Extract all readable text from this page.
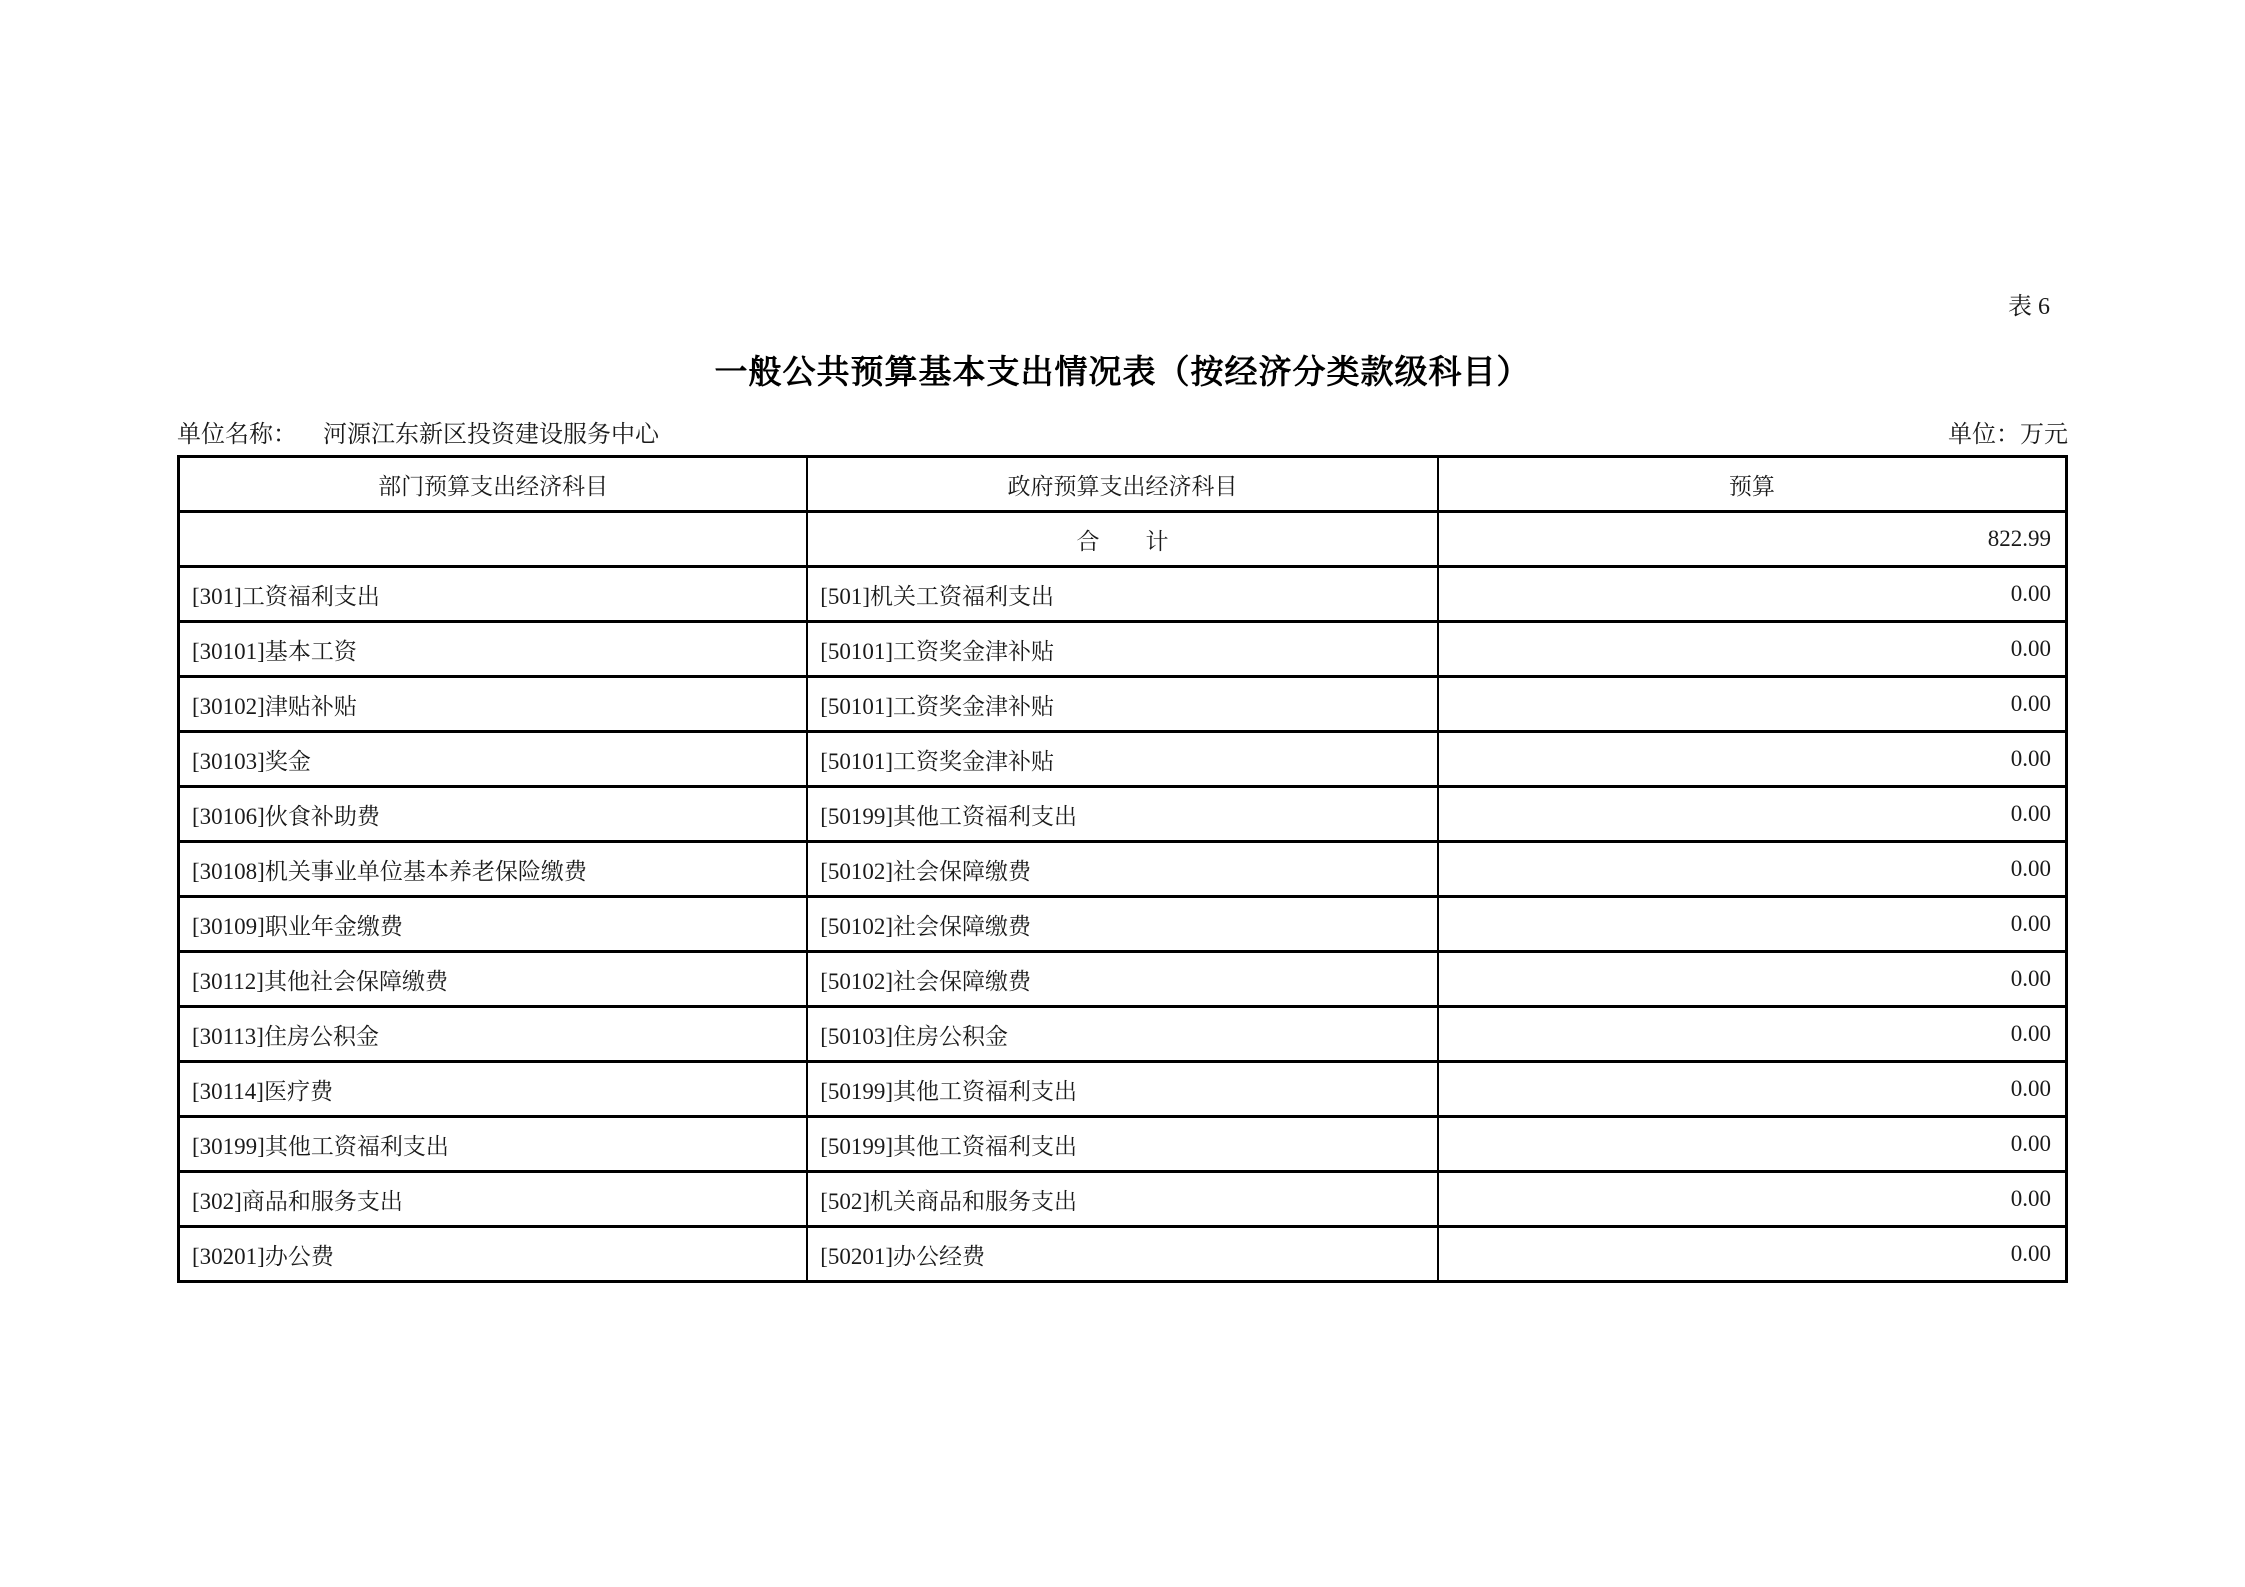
表 6
一般公共预算基本支出情况表（按经济分类款级科目）
单位名称： 河源江东新区投资建设服务中心	单位：万元
部门预算支出经济科目	政府预算支出经济科目	预算
	合　　计	822.99
[301]工资福利支出	[501]机关工资福利支出	0.00
[30101]基本工资	[50101]工资奖金津补贴	0.00
[30102]津贴补贴	[50101]工资奖金津补贴	0.00
[30103]奖金	[50101]工资奖金津补贴	0.00
[30106]伙食补助费	[50199]其他工资福利支出	0.00
[30108]机关事业单位基本养老保险缴费	[50102]社会保障缴费	0.00
[30109]职业年金缴费	[50102]社会保障缴费	0.00
[30112]其他社会保障缴费	[50102]社会保障缴费	0.00
[30113]住房公积金	[50103]住房公积金	0.00
[30114]医疗费	[50199]其他工资福利支出	0.00
[30199]其他工资福利支出	[50199]其他工资福利支出	0.00
[302]商品和服务支出	[502]机关商品和服务支出	0.00
[30201]办公费	[50201]办公经费	0.00
